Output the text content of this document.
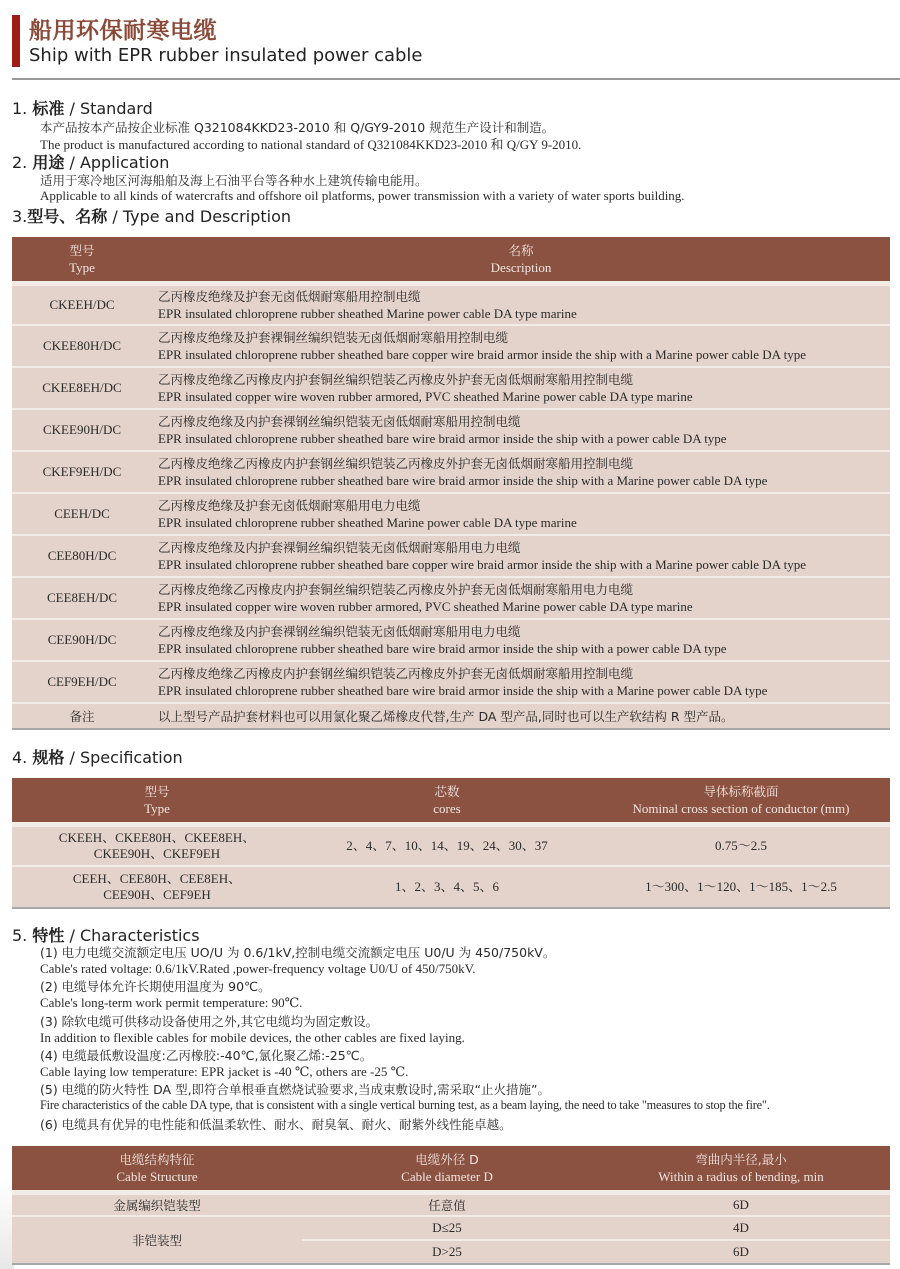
船用环保耐寒电缆
Ship with EPR rubber insulated power cable
1. 标准 / Standard
本产品按本产品按企业标准 Q321084KKD23-2010 和 Q/GY9-2010 规范生产设计和制造。
The product is manufactured according to national standard of Q321084KKD23-2010 和 Q/GY 9-2010.
2. 用途 / Application
适用于寒冷地区河海船舶及海上石油平台等各种水上建筑传输电能用。
Applicable to all kinds of watercrafts and offshore oil platforms, power transmission with a variety of water sports building.
3.型号、名称 / Type and Description
型号
Type	名称
Description

CKEEH/DC	乙丙橡皮绝缘及护套无卤低烟耐寒船用控制电缆
EPR insulated chloroprene rubber sheathed Marine power cable DA type marine

CKEE80H/DC	乙丙橡皮绝缘及护套裸铜丝编织铠装无卤低烟耐寒船用控制电缆
EPR insulated chloroprene rubber sheathed bare copper wire braid armor inside the ship with a Marine power cable DA type

CKEE8EH/DC	乙丙橡皮绝缘乙丙橡皮内护套铜丝编织铠装乙丙橡皮外护套无卤低烟耐寒船用控制电缆
EPR insulated copper wire woven rubber armored, PVC sheathed Marine power cable DA type marine

CKEE90H/DC	乙丙橡皮绝缘及内护套裸钢丝编织铠装无卤低烟耐寒船用控制电缆
EPR insulated chloroprene rubber sheathed bare wire braid armor inside the ship with a power cable DA type

CKEF9EH/DC	乙丙橡皮绝缘乙丙橡皮内护套钢丝编织铠装乙丙橡皮外护套无卤低烟耐寒船用控制电缆
EPR insulated chloroprene rubber sheathed bare wire braid armor inside the ship with a Marine power cable DA type

CEEH/DC	乙丙橡皮绝缘及护套无卤低烟耐寒船用电力电缆
EPR insulated chloroprene rubber sheathed Marine power cable DA type marine

CEE80H/DC	乙丙橡皮绝缘及内护套裸铜丝编织铠装无卤低烟耐寒船用电力电缆
EPR insulated chloroprene rubber sheathed bare copper wire braid armor inside the ship with a Marine power cable DA type

CEE8EH/DC	乙丙橡皮绝缘乙丙橡皮内护套铜丝编织铠装乙丙橡皮外护套无卤低烟耐寒船用电力电缆
EPR insulated copper wire woven rubber armored, PVC sheathed Marine power cable DA type marine

CEE90H/DC	乙丙橡皮绝缘及内护套裸钢丝编织铠装无卤低烟耐寒船用电力电缆
EPR insulated chloroprene rubber sheathed bare wire braid armor inside the ship with a power cable DA type

CEF9EH/DC	乙丙橡皮绝缘乙丙橡皮内护套钢丝编织铠装乙丙橡皮外护套无卤低烟耐寒船用控制电缆
EPR insulated chloroprene rubber sheathed bare wire braid armor inside the ship with a Marine power cable DA type

备注	以上型号产品护套材料也可以用氯化聚乙烯橡皮代替,生产 DA 型产品,同时也可以生产软结构 R 型产品。
4. 规格 / Specification
型号
Type	芯数
cores	导体标称截面
Nominal cross section of conductor (mm)

CKEEH、CKEE80H、CKEE8EH、
CKEE90H、CKEF9EH	2、4、7、10、14、19、24、30、37	0.75～2.5

CEEH、CEE80H、CEE8EH、
CEE90H、CEF9EH	1、2、3、4、5、6	1～300、1～120、1～185、1～2.5
5. 特性 / Characteristics
(1) 电力电缆交流额定电压 UO/U 为 0.6/1kV,控制电缆交流额定电压 U0/U 为 450/750kV。
Cable's rated voltage: 0.6/1kV.Rated ,power-frequency voltage U0/U of 450/750kV.
(2) 电缆导体允许长期使用温度为 90℃。
Cable's long-term work permit temperature: 90℃.
(3) 除软电缆可供移动设备使用之外,其它电缆均为固定敷设。
In addition to flexible cables for mobile devices, the other cables are fixed laying.
(4) 电缆最低敷设温度:乙丙橡胶:-40℃,氯化聚乙烯:-25℃。
Cable laying low temperature: EPR jacket is -40 ℃, others are -25 ℃.
(5) 电缆的防火特性 DA 型,即符合单根垂直燃烧试验要求,当成束敷设时,需采取“止火措施”。
Fire characteristics of the cable DA type, that is consistent with a single vertical burning test, as a beam laying, the need to take "measures to stop the fire".
(6) 电缆具有优异的电性能和低温柔软性、耐水、耐臭氧、耐火、耐紫外线性能卓越。
电缆结构特征
Cable Structure	电缆外径 D
Cable diameter D	弯曲内半径,最小
Within a radius of bending, min

金属编织铠装型	任意值	6D
非铠装型	D≤25	4D
	D>25	6D
